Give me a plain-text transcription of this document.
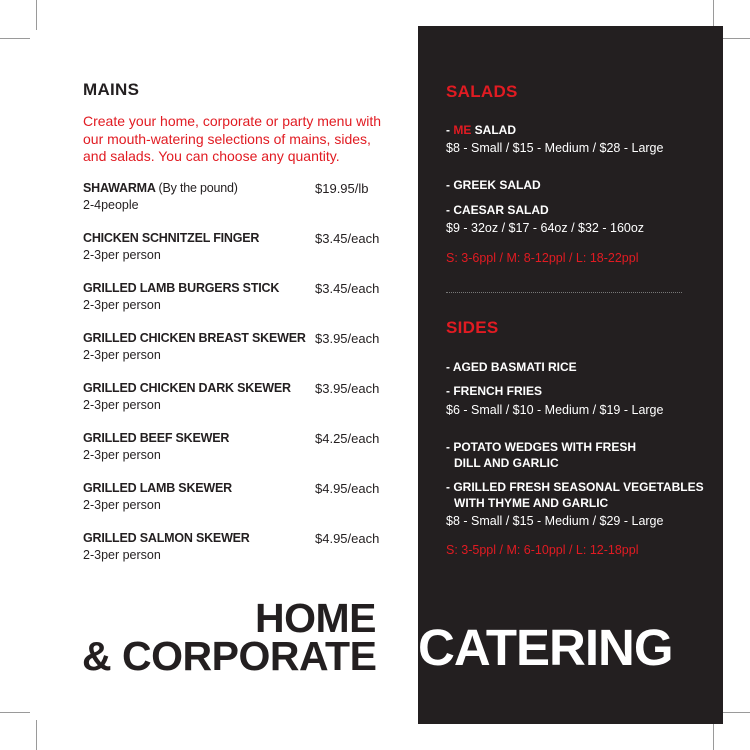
MAINS
Create your home, corporate or party menu with our mouth-watering selections of mains, sides, and salads. You can choose any quantity.
SHAWARMA (By the pound)	$19.95/lb
2-4people
CHICKEN SCHNITZEL FINGER	$3.45/each
2-3per person
GRILLED LAMB BURGERS STICK	$3.45/each
2-3per person
GRILLED CHICKEN BREAST SKEWER $3.95/each
2-3per person
GRILLED CHICKEN DARK SKEWER	$3.95/each
2-3per person
GRILLED BEEF SKEWER	$4.25/each
2-3per person
GRILLED LAMB SKEWER	$4.95/each
2-3per person
GRILLED SALMON SKEWER	$4.95/each
2-3per person
SALADS
- ME SALAD
$8 - Small / $15 - Medium / $28 - Large
- GREEK SALAD
- CAESAR SALAD
$9 - 32oz / $17 - 64oz / $32 - 160oz
S: 3-6ppl / M: 8-12ppl / L: 18-22ppl
SIDES
- AGED BASMATI RICE
- FRENCH FRIES
$6 - Small / $10 - Medium / $19 - Large
- POTATO WEDGES WITH FRESH
DILL AND GARLIC
- GRILLED FRESH SEASONAL VEGETABLES
WITH THYME AND GARLIC
$8 - Small / $15 - Medium / $29 - Large
S: 3-5ppl / M: 6-10ppl / L: 12-18ppl
HOME
& CORPORATE CATERING
